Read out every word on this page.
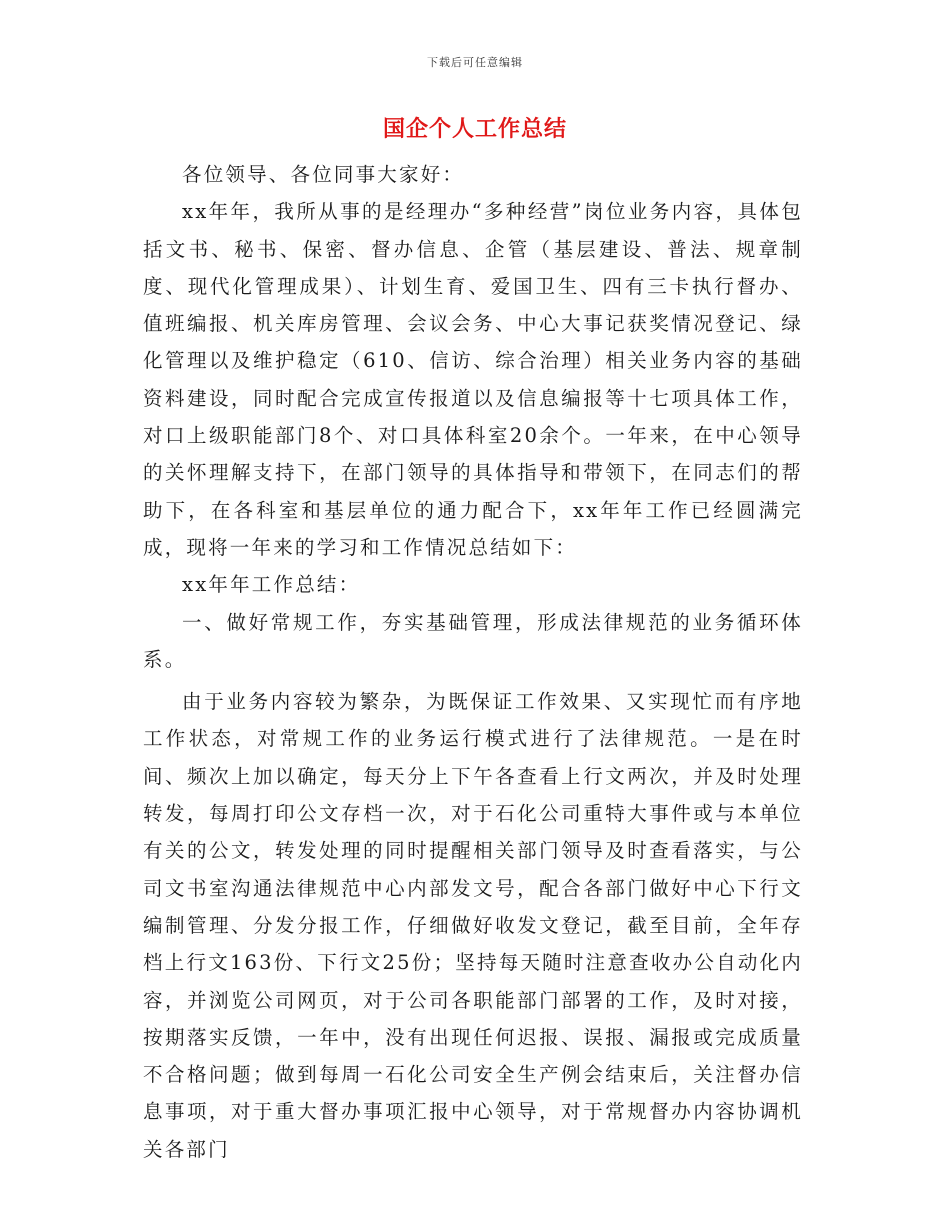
下载后可任意编辑
国企个人工作总结

各位领导、各位同事大家好：

xx年年，我所从事的是经理办“多种经营”岗位业务内容，具体包括文书、秘书、保密、督办信息、企管（基层建设、普法、规章制度、现代化管理成果）、计划生育、爱国卫生、四有三卡执行督办、值班编报、机关库房管理、会议会务、中心大事记获奖情况登记、绿化管理以及维护稳定（610、信访、综合治理）相关业务内容的基础资料建设，同时配合完成宣传报道以及信息编报等十七项具体工作，对口上级职能部门8个、对口具体科室20余个。一年来，在中心领导的关怀理解支持下，在部门领导的具体指导和带领下，在同志们的帮助下，在各科室和基层单位的通力配合下，xx年年工作已经圆满完成，现将一年来的学习和工作情况总结如下：

xx年年工作总结：

一、做好常规工作，夯实基础管理，形成法律规范的业务循环体系。

由于业务内容较为繁杂，为既保证工作效果、又实现忙而有序地工作状态，对常规工作的业务运行模式进行了法律规范。一是在时间、频次上加以确定，每天分上下午各查看上行文两次，并及时处理转发，每周打印公文存档一次，对于石化公司重特大事件或与本单位有关的公文，转发处理的同时提醒相关部门领导及时查看落实，与公司文书室沟通法律规范中心内部发文号，配合各部门做好中心下行文编制管理、分发分报工作，仔细做好收发文登记，截至目前，全年存档上行文163份、下行文25份；坚持每天随时注意查收办公自动化内容，并浏览公司网页，对于公司各职能部门部署的工作，及时对接，按期落实反馈，一年中，没有出现任何迟报、误报、漏报或完成质量不合格问题；做到每周一石化公司安全生产例会结束后，关注督办信息事项，对于重大督办事项汇报中心领导，对于常规督办内容协调机关各部门
